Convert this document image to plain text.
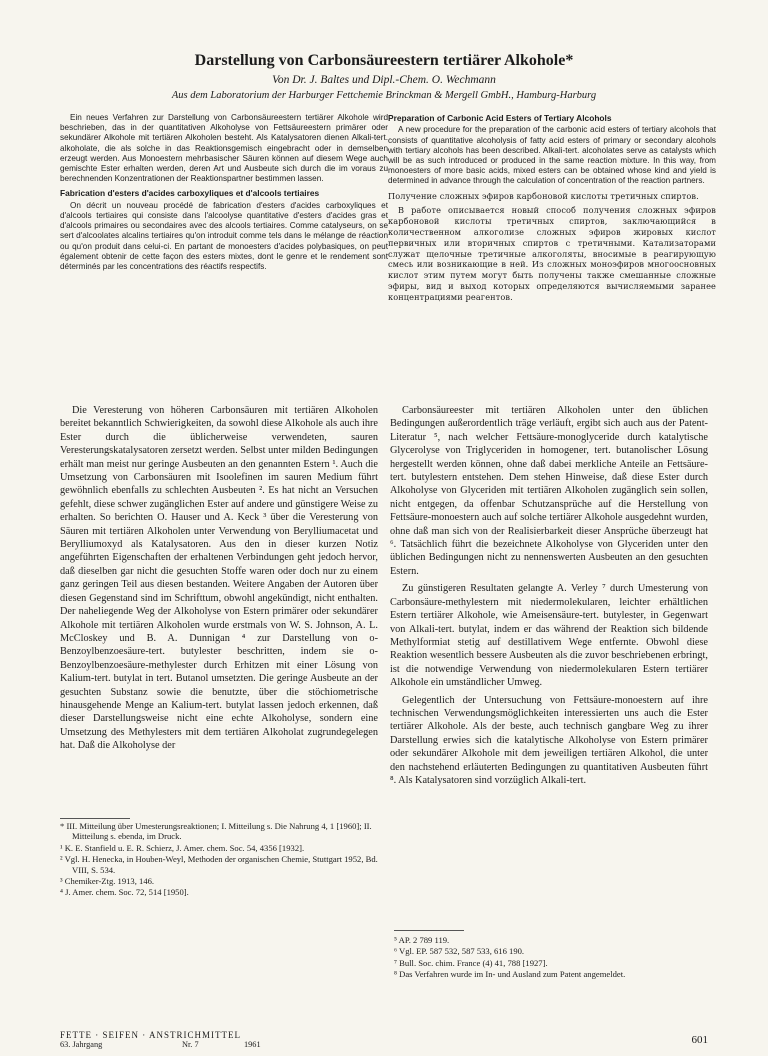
Darstellung von Carbonsäureestern tertiärer Alkohole*
Von Dr. J. Baltes und Dipl.-Chem. O. Wechmann
Aus dem Laboratorium der Harburger Fettchemie Brinckman & Mergell GmbH., Hamburg-Harburg

Ein neues Verfahren zur Darstellung von Carbonsäureestern tertiärer Alkohole wird beschrieben, das in der quantitativen Alkoholyse von Fettsäureestern primärer oder sekundärer Alkohole mit tertiären Alkoholen besteht. Als Katalysatoren dienen Alkali-tert. alkoholate, die als solche in das Reaktionsgemisch eingebracht oder in demselben erzeugt werden. Aus Monoestern mehrbasischer Säuren können auf diesem Wege auch gemischte Ester erhalten werden, deren Art und Ausbeute sich durch die im voraus zu berechnenden Konzentrationen der Reaktionspartner bestimmen lassen.

Fabrication d'esters d'acides carboxyliques et d'alcools tertiaires

On décrit un nouveau procédé de fabrication d'esters d'acides carboxyliques et d'alcools tertiaires qui consiste dans l'alcoolyse quantitative d'esters d'acides gras et d'alcools primaires ou secondaires avec des alcools tertiaires. Comme catalyseurs, on se sert d'alcoolates alcalins tertiaires qu'on introduit comme tels dans le mélange de réaction ou qu'on produit dans celui-ci. En partant de monoesters d'acides polybasiques, on peut également obtenir de cette façon des esters mixtes, dont le genre et le rendement sont déterminés par les concentrations des réactifs respectifs.

Preparation of Carbonic Acid Esters of Tertiary Alcohols

A new procedure for the preparation of the carbonic acid esters of tertiary alcohols that consists of quantitative alcoholysis of fatty acid esters of primary or secondary alcohols with tertiary alcohols has been described. Alkali-tert. alcoholates serve as catalysts which will be as such introduced or produced in the same reaction mixture. In this way, from monoesters of more basic acids, mixed esters can be obtained whose kind and yield is determined in advance through the calculation of concentration of the reaction partners.

Получение сложных эфиров карбоновой кислоты третичных спиртов.

В работе описывается новый способ получения сложных эфиров карбоновой кислоты третичных спиртов, заключающийся в количественном алкоголизе сложных эфиров жировых кислот первичных или вторичных спиртов с третичными. Катализаторами служат щелочные третичные алкоголяты, вносимые в реагирующую смесь или возникающие в ней. Из сложных моноэфиров многоосновных кислот этим путем могут быть получены также смешанные сложные эфиры, вид и выход которых определяются вычисляемыми заранее концентрациями реагентов.

Die Veresterung von höheren Carbonsäuren mit tertiären Alkoholen bereitet bekanntlich Schwierigkeiten, da sowohl diese Alkohole als auch ihre Ester durch die üblicherweise verwendeten, sauren Veresterungskatalysatoren zersetzt werden. Selbst unter milden Bedingungen erhält man meist nur geringe Ausbeuten an den genannten Estern ¹. Auch die Umsetzung von Carbonsäuren mit Isoolefinen im sauren Medium führt gewöhnlich ebenfalls zu schlechten Ausbeuten ². Es hat nicht an Versuchen gefehlt, diese schwer zugänglichen Ester auf andere und günstigere Weise zu erhalten. So berichten O. Hauser und A. Keck ³ über die Veresterung von Säuren mit tertiären Alkoholen unter Verwendung von Berylliumacetat und Berylliumoxyd als Katalysatoren. Aus den in dieser kurzen Notiz angeführten Eigenschaften der erhaltenen Verbindungen geht jedoch hervor, daß dieselben gar nicht die gesuchten Stoffe waren oder doch nur zu einem ganz geringen Teil aus diesen bestanden. Weitere Angaben der Autoren über diesen Gegenstand sind im Schrifttum, obwohl angekündigt, nicht enthalten. Der naheliegende Weg der Alkoholyse von Estern primärer oder sekundärer Alkohole mit tertiären Alkoholen wurde erstmals von W. S. Johnson, A. L. McCloskey und B. A. Dunnigan ⁴ zur Darstellung von o-Benzoylbenzoesäure-tert. butylester beschritten, indem sie o-Benzoylbenzoesäure-methylester durch Erhitzen mit einer Lösung von Kalium-tert. butylat in tert. Butanol umsetzten. Die geringe Ausbeute an der gesuchten Substanz sowie die benutzte, über die stöchiometrische hinausgehende Menge an Kalium-tert. butylat lassen jedoch erkennen, daß dieser Darstellungsweise nicht eine echte Alkoholyse, sondern eine Umsetzung des Methylesters mit dem tertiären Alkoholat zugrundegelegen hat. Daß die Alkoholyse der

Carbonsäureester mit tertiären Alkoholen unter den üblichen Bedingungen außerordentlich träge verläuft, ergibt sich auch aus der Patent-Literatur ⁵, nach welcher Fettsäure-monoglyceride durch katalytische Glycerolyse von Triglyceriden in homogener, tert. butanolischer Lösung hergestellt werden können, ohne daß dabei merkliche Anteile an Fettsäure-tert. butylestern entstehen. Dem stehen Hinweise, daß diese Ester durch Alkoholyse von Glyceriden mit tertiären Alkoholen zugänglich sein sollen, nicht entgegen, da offenbar Schutzansprüche auf die Herstellung von Fettsäure-monoestern auch auf solche tertiärer Alkohole ausgedehnt wurden, ohne daß man sich von der Realisierbarkeit dieser Ansprüche überzeugt hat ⁶. Tatsächlich führt die bezeichnete Alkoholyse von Glyceriden unter den üblichen Bedingungen nicht zu nennenswerten Ausbeuten an den gesuchten Estern.

Zu günstigeren Resultaten gelangte A. Verley ⁷ durch Umesterung von Carbonsäure-methylestern mit niedermolekularen, leichter erhältlichen Estern tertiärer Alkohole, wie Ameisensäure-tert. butylester, in Gegenwart von Alkali-tert. butylat, indem er das während der Reaktion sich bildende Methylformiat stetig auf destillativem Wege entfernte. Obwohl diese Reaktion wesentlich bessere Ausbeuten als die zuvor beschriebenen erbringt, ist die notwendige Verwendung von niedermolekularen Estern tertiärer Alkohole ein umständlicher Umweg.

Gelegentlich der Untersuchung von Fettsäure-monoestern auf ihre technischen Verwendungsmöglichkeiten interessierten uns auch die Ester tertiärer Alkohole. Als der beste, auch technisch gangbare Weg zu ihrer Darstellung erwies sich die katalytische Alkoholyse von Estern primärer oder sekundärer Alkohole mit dem jeweiligen tertiären Alkohol, die unter den nachstehend erläuterten Bedingungen zu quantitativen Ausbeuten führt ⁸. Als Katalysatoren sind vorzüglich Alkali-tert.

* III. Mitteilung über Umesterungsreaktionen; I. Mitteilung s. Die Nahrung 4, 1 [1960]; II. Mitteilung s. ebenda, im Druck.
¹ K. E. Stanfield u. E. R. Schierz, J. Amer. chem. Soc. 54, 4356 [1932].
² Vgl. H. Henecka, in Houben-Weyl, Methoden der organischen Chemie, Stuttgart 1952, Bd. VIII, S. 534.
³ Chemiker-Ztg. 1913, 146.
⁴ J. Amer. chem. Soc. 72, 514 [1950].
⁵ AP. 2 789 119.
⁶ Vgl. EP. 587 532, 587 533, 616 190.
⁷ Bull. Soc. chim. France (4) 41, 788 [1927].
⁸ Das Verfahren wurde im In- und Ausland zum Patent angemeldet.
FETTE · SEIFEN · ANSTRICHMITTEL
63. Jahrgang	Nr. 7	1961	601
